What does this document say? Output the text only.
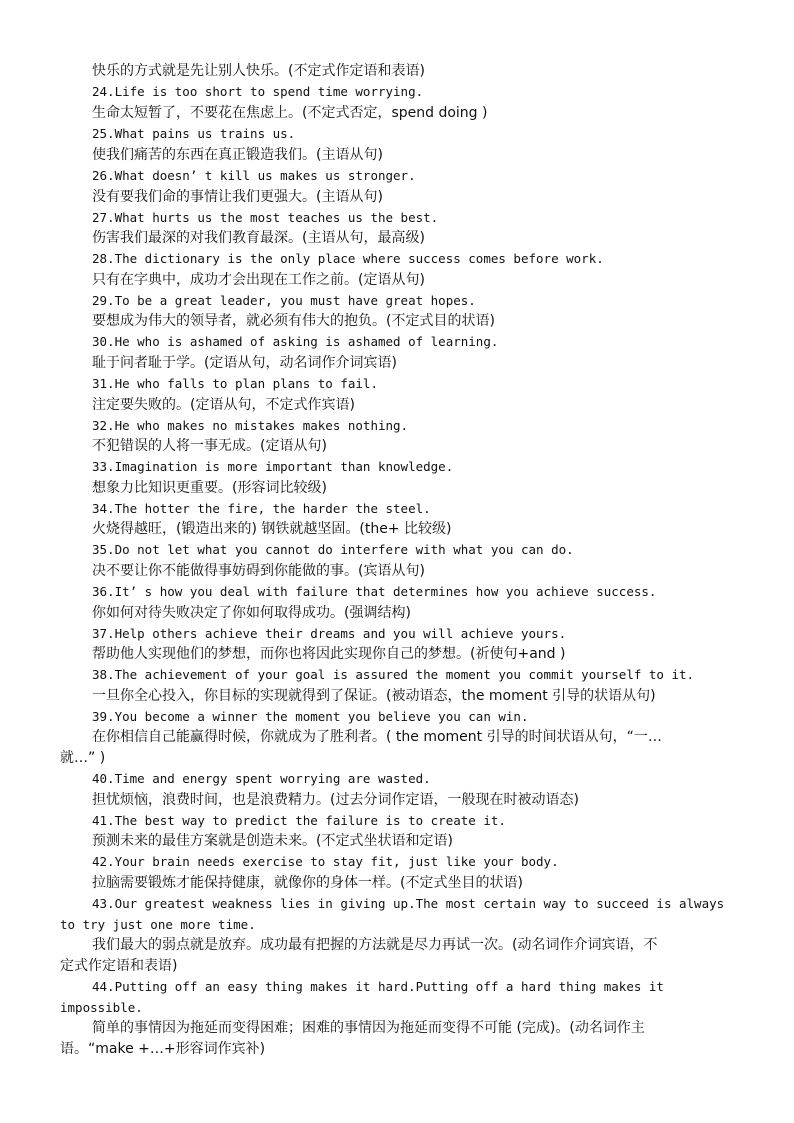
快乐的方式就是先让别人快乐。(不定式作定语和表语)
24.Life is too short to spend time worrying.
生命太短暂了，不要花在焦虑上。(不定式否定，spend doing )
25.What pains us trains us.
使我们痛苦的东西在真正锻造我们。(主语从句)
26.What doesn’ t kill us makes us stronger.
没有要我们命的事情让我们更强大。(主语从句)
27.What hurts us the most teaches us the best.
伤害我们最深的对我们教育最深。(主语从句，最高级)
28.The dictionary is the only place where success comes before work.
只有在字典中，成功才会出现在工作之前。(定语从句)
29.To be a great leader, you must have great hopes.
要想成为伟大的领导者，就必须有伟大的抱负。(不定式目的状语)
30.He who is ashamed of asking is ashamed of learning.
耻于问者耻于学。(定语从句，动名词作介词宾语)
31.He who falls to plan plans to fail.
注定要失败的。(定语从句，不定式作宾语)
32.He who makes no mistakes makes nothing.
不犯错误的人将一事无成。(定语从句)
33.Imagination is more important than knowledge.
想象力比知识更重要。(形容词比较级)
34.The hotter the fire, the harder the steel.
火烧得越旺，(锻造出来的) 钢铁就越坚固。(the+ 比较级)
35.Do not let what you cannot do interfere with what you can do.
决不要让你不能做得事妨碍到你能做的事。(宾语从句)
36.It’ s how you deal with failure that determines how you achieve success.
你如何对待失败决定了你如何取得成功。(强调结构)
37.Help others achieve their dreams and you will achieve yours.
帮助他人实现他们的梦想，而你也将因此实现你自己的梦想。(祈使句+and )
38.The achievement of your goal is assured the moment you commit yourself to it.
一旦你全心投入，你目标的实现就得到了保证。(被动语态，the moment 引导的状语从句)
39.You become a winner the moment you believe you can win.
在你相信自己能赢得时候，你就成为了胜利者。( the moment 引导的时间状语从句，“一…
就…” )
40.Time and energy spent worrying are wasted.
担忧烦恼，浪费时间，也是浪费精力。(过去分词作定语，一般现在时被动语态)
41.The best way to predict the failure is to create it.
预测未来的最佳方案就是创造未来。(不定式坐状语和定语)
42.Your brain needs exercise to stay fit, just like your body.
拉脑需要锻炼才能保持健康，就像你的身体一样。(不定式坐目的状语)
43.Our greatest weakness lies in giving up.The most certain way to succeed is always
to try just one more time.
我们最大的弱点就是放弃。成功最有把握的方法就是尽力再试一次。(动名词作介词宾语，不
定式作定语和表语)
44.Putting off an easy thing makes it hard.Putting off a hard thing makes it
impossible.
简单的事情因为拖延而变得困难；困难的事情因为拖延而变得不可能 (完成)。(动名词作主
语。“make +…+形容词作宾补)
